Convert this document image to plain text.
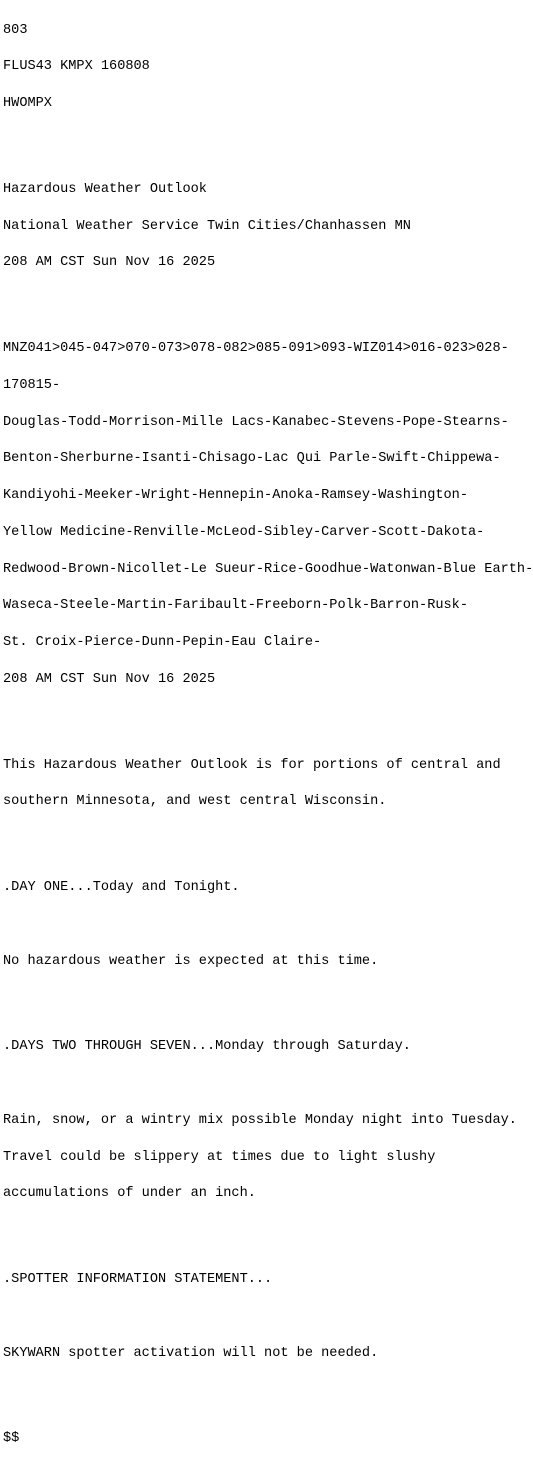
803

FLUS43 KMPX 160808

HWOMPX

Hazardous Weather Outlook

National Weather Service Twin Cities/Chanhassen MN

208 AM CST Sun Nov 16 2025

MNZ041>045-047>070-073>078-082>085-091>093-WIZ014>016-023>028-

170815-

Douglas-Todd-Morrison-Mille Lacs-Kanabec-Stevens-Pope-Stearns-

Benton-Sherburne-Isanti-Chisago-Lac Qui Parle-Swift-Chippewa-

Kandiyohi-Meeker-Wright-Hennepin-Anoka-Ramsey-Washington-

Yellow Medicine-Renville-McLeod-Sibley-Carver-Scott-Dakota-

Redwood-Brown-Nicollet-Le Sueur-Rice-Goodhue-Watonwan-Blue Earth-

Waseca-Steele-Martin-Faribault-Freeborn-Polk-Barron-Rusk-

St. Croix-Pierce-Dunn-Pepin-Eau Claire-

208 AM CST Sun Nov 16 2025

This Hazardous Weather Outlook is for portions of central and

southern Minnesota, and west central Wisconsin.

.DAY ONE...Today and Tonight.

No hazardous weather is expected at this time.

.DAYS TWO THROUGH SEVEN...Monday through Saturday.

Rain, snow, or a wintry mix possible Monday night into Tuesday.

Travel could be slippery at times due to light slushy

accumulations of under an inch.

.SPOTTER INFORMATION STATEMENT...

SKYWARN spotter activation will not be needed.

$$
